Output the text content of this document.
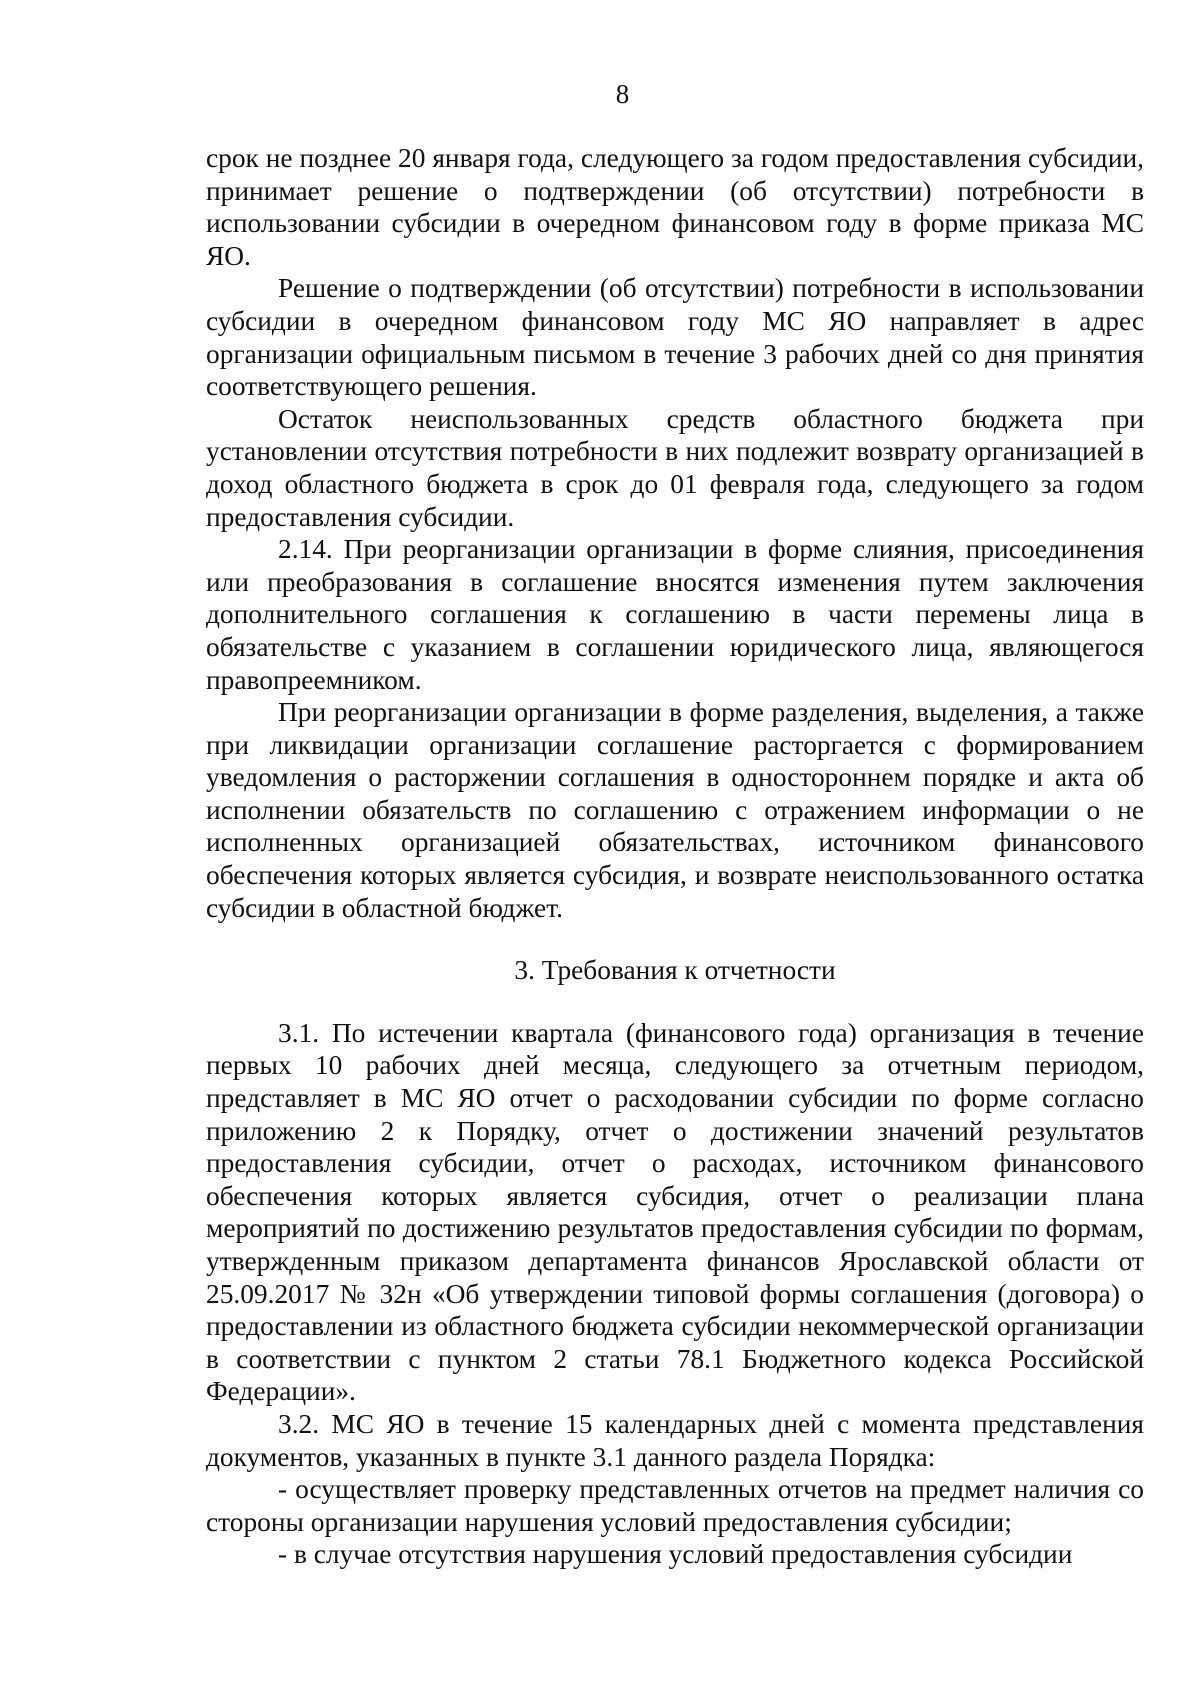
8

срок не позднее 20 января года, следующего за годом предоставления субсидии, принимает решение о подтверждении (об отсутствии) потребности в использовании субсидии в очередном финансовом году в форме приказа МС ЯО.

Решение о подтверждении (об отсутствии) потребности в использовании субсидии в очередном финансовом году МС ЯО направляет в адрес организации официальным письмом в течение 3 рабочих дней со дня принятия соответствующего решения.

Остаток неиспользованных средств областного бюджета при установлении отсутствия потребности в них подлежит возврату организацией в доход областного бюджета в срок до 01 февраля года, следующего за годом предоставления субсидии.

2.14. При реорганизации организации в форме слияния, присоединения или преобразования в соглашение вносятся изменения путем заключения дополнительного соглашения к соглашению в части перемены лица в обязательстве с указанием в соглашении юридического лица, являющегося правопреемником.

При реорганизации организации в форме разделения, выделения, а также при ликвидации организации соглашение расторгается с формированием уведомления о расторжении соглашения в одностороннем порядке и акта об исполнении обязательств по соглашению с отражением информации о не исполненных организацией обязательствах, источником финансового обеспечения которых является субсидия, и возврате неиспользованного остатка субсидии в областной бюджет.

3. Требования к отчетности

3.1. По истечении квартала (финансового года) организация в течение первых 10 рабочих дней месяца, следующего за отчетным периодом, представляет в МС ЯО отчет о расходовании субсидии по форме согласно приложению 2 к Порядку, отчет о достижении значений результатов предоставления субсидии, отчет о расходах, источником финансового обеспечения которых является субсидия, отчет о реализации плана мероприятий по достижению результатов предоставления субсидии по формам, утвержденным приказом департамента финансов Ярославской области от 25.09.2017 № 32н «Об утверждении типовой формы соглашения (договора) о предоставлении из областного бюджета субсидии некоммерческой организации в соответствии с пунктом 2 статьи 78.1 Бюджетного кодекса Российской Федерации».

3.2. МС ЯО в течение 15 календарных дней с момента представления документов, указанных в пункте 3.1 данного раздела Порядка:

- осуществляет проверку представленных отчетов на предмет наличия со стороны организации нарушения условий предоставления субсидии;

- в случае отсутствия нарушения условий предоставления субсидии
